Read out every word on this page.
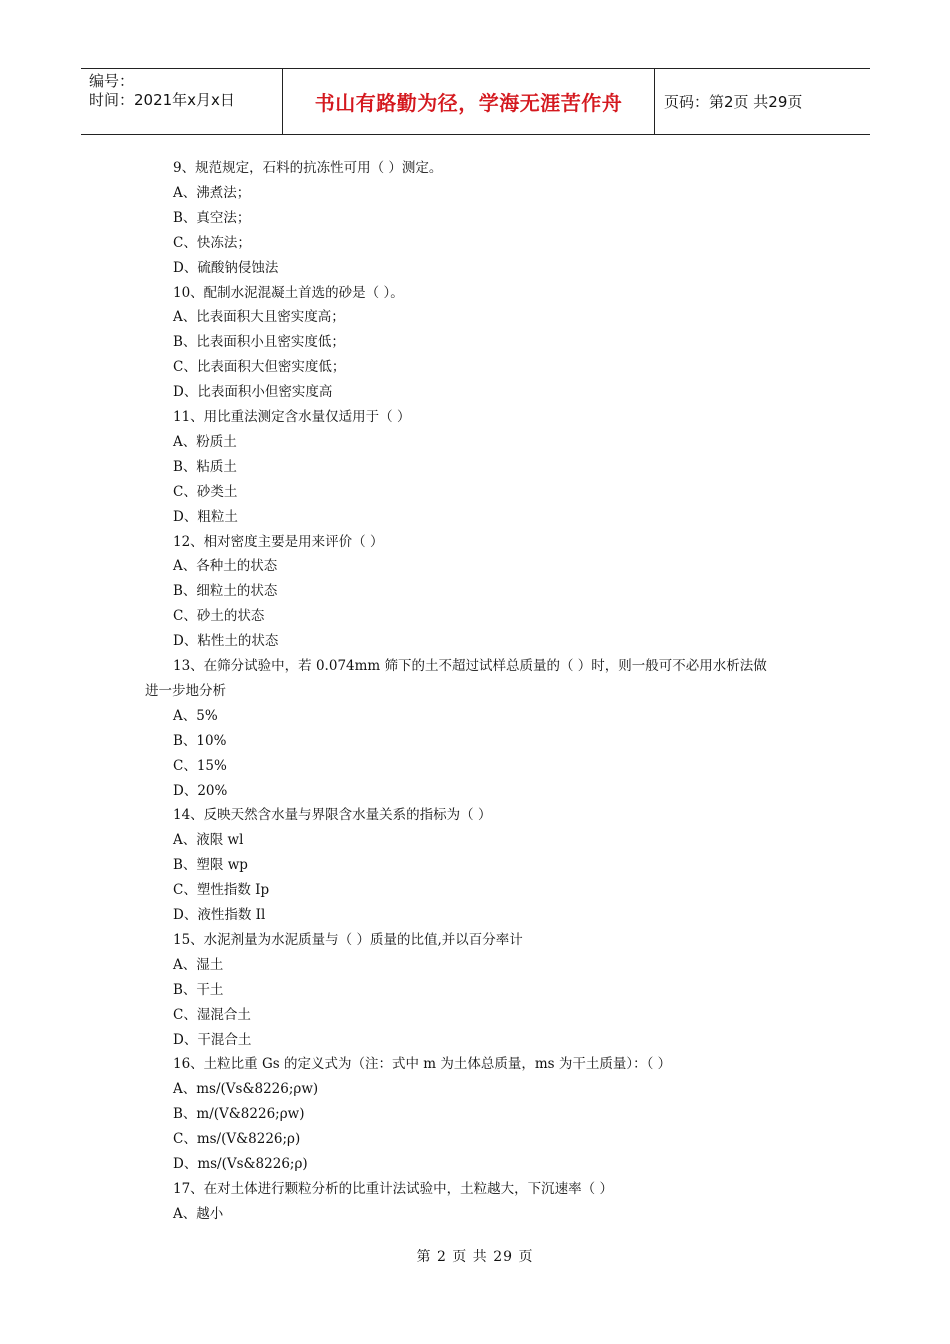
编号：
时间：2021年x月x日	书山有路勤为径，学海无涯苦作舟	页码：第2页 共29页
9、规范规定，石料的抗冻性可用（ ）测定。
A、沸煮法；
B、真空法；
C、快冻法；
D、硫酸钠侵蚀法
10、配制水泥混凝土首选的砂是（ ）。
A、比表面积大且密实度高；
B、比表面积小且密实度低；
C、比表面积大但密实度低；
D、比表面积小但密实度高
11、用比重法测定含水量仅适用于（ ）
A、粉质土
B、粘质土
C、砂类土
D、粗粒土
12、相对密度主要是用来评价（ ）
A、各种土的状态
B、细粒土的状态
C、砂土的状态
D、粘性土的状态
13、在筛分试验中，若 0.074mm 筛下的土不超过试样总质量的（ ）时，则一般可不必用水析法做
进一步地分析
A、5%
B、10%
C、15%
D、20%
14、反映天然含水量与界限含水量关系的指标为（ ）
A、液限 wl
B、塑限 wp
C、塑性指数 Ip
D、液性指数 Il
15、水泥剂量为水泥质量与（ ）质量的比值,并以百分率计
A、湿土
B、干土
C、湿混合土
D、干混合土
16、土粒比重 Gs 的定义式为（注：式中 m 为土体总质量，ms 为干土质量）：（ ）
A、ms/(Vs&8226;ρw)
B、m/(V&8226;ρw)
C、ms/(V&8226;ρ)
D、ms/(Vs&8226;ρ)
17、在对土体进行颗粒分析的比重计法试验中，土粒越大，下沉速率（ ）
A、越小
第 2 页 共 29 页
